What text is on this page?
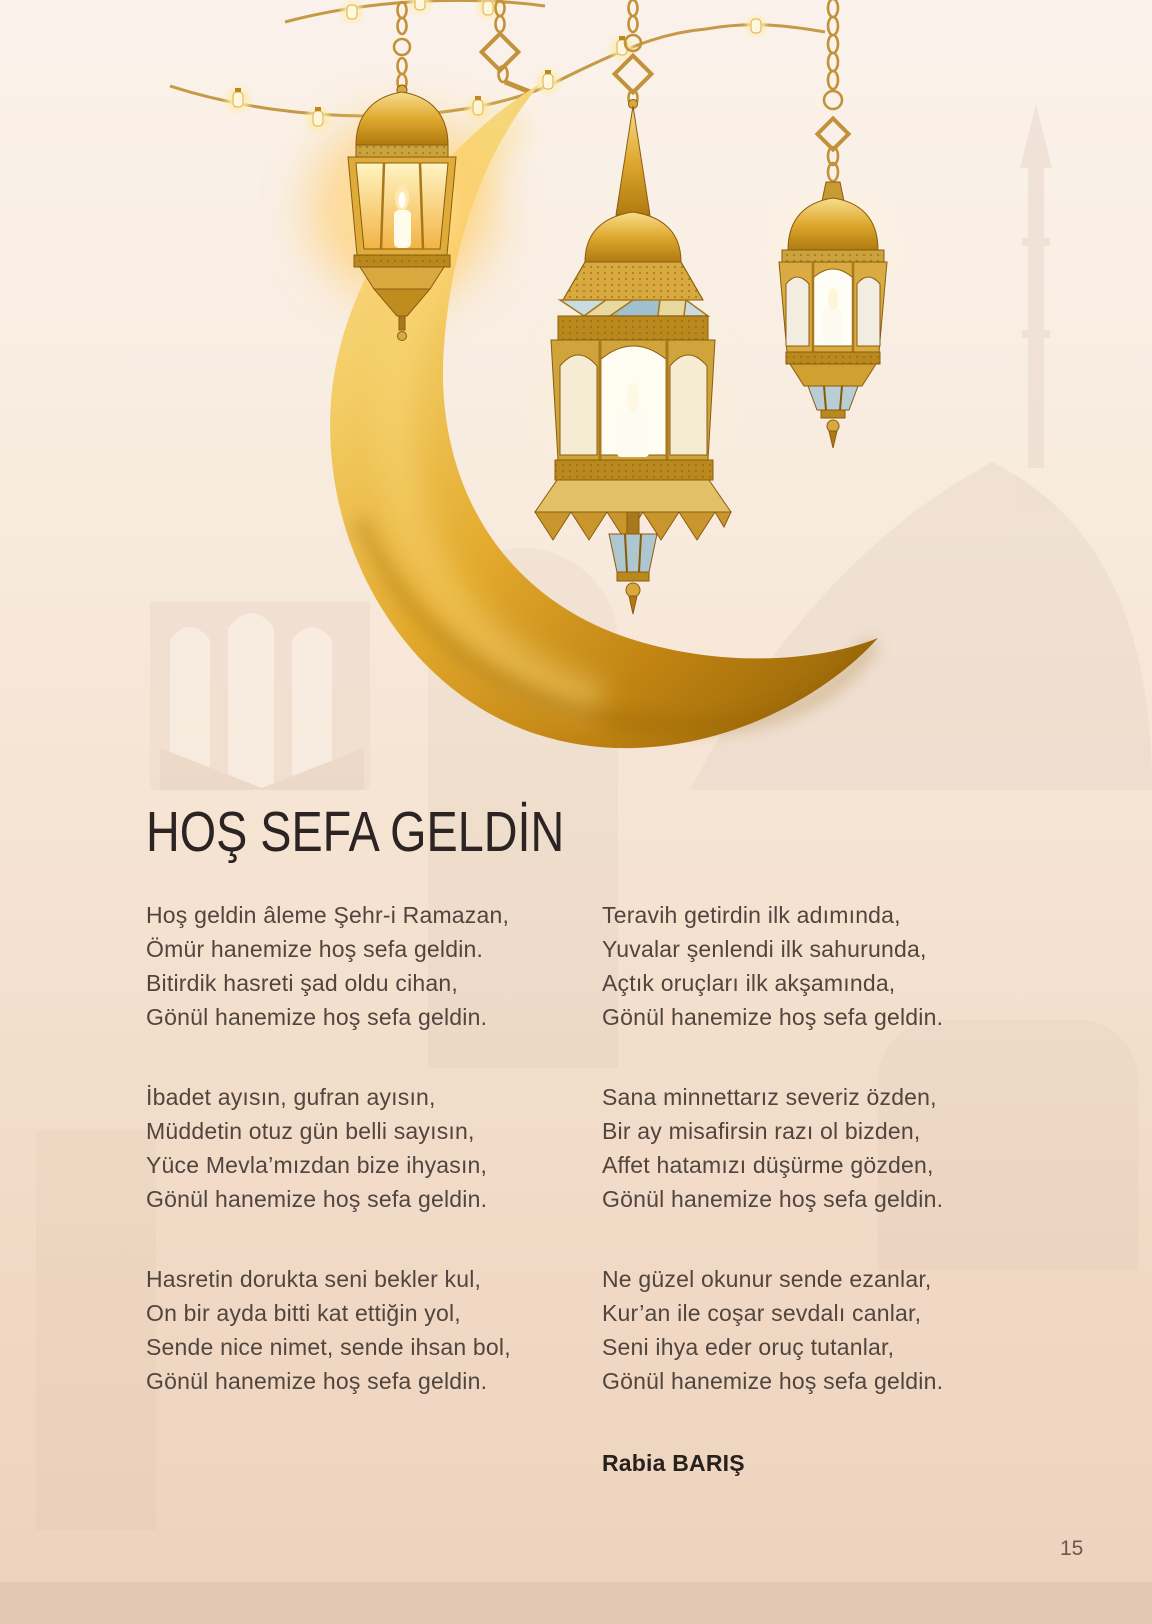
HOŞ SEFA GELDİN

Hoş geldin âleme Şehr-i Ramazan,

Ömür hanemize hoş sefa geldin.

Bitirdik hasreti şad oldu cihan,

Gönül hanemize hoş sefa geldin.

İbadet ayısın, gufran ayısın,

Müddetin otuz gün belli sayısın,

Yüce Mevla’mızdan bize ihyasın,

Gönül hanemize hoş sefa geldin.

Hasretin dorukta seni bekler kul,

On bir ayda bitti kat ettiğin yol,

Sende nice nimet, sende ihsan bol,

Gönül hanemize hoş sefa geldin.

Teravih getirdin ilk adımında,

Yuvalar şenlendi ilk sahurunda,

Açtık oruçları ilk akşamında,

Gönül hanemize hoş sefa geldin.

Sana minnettarız severiz özden,

Bir ay misafirsin razı ol bizden,

Affet hatamızı düşürme gözden,

Gönül hanemize hoş sefa geldin.

Ne güzel okunur sende ezanlar,

Kur’an ile coşar sevdalı canlar,

Seni ihya eder oruç tutanlar,

Gönül hanemize hoş sefa geldin.

Rabia BARIŞ

15
